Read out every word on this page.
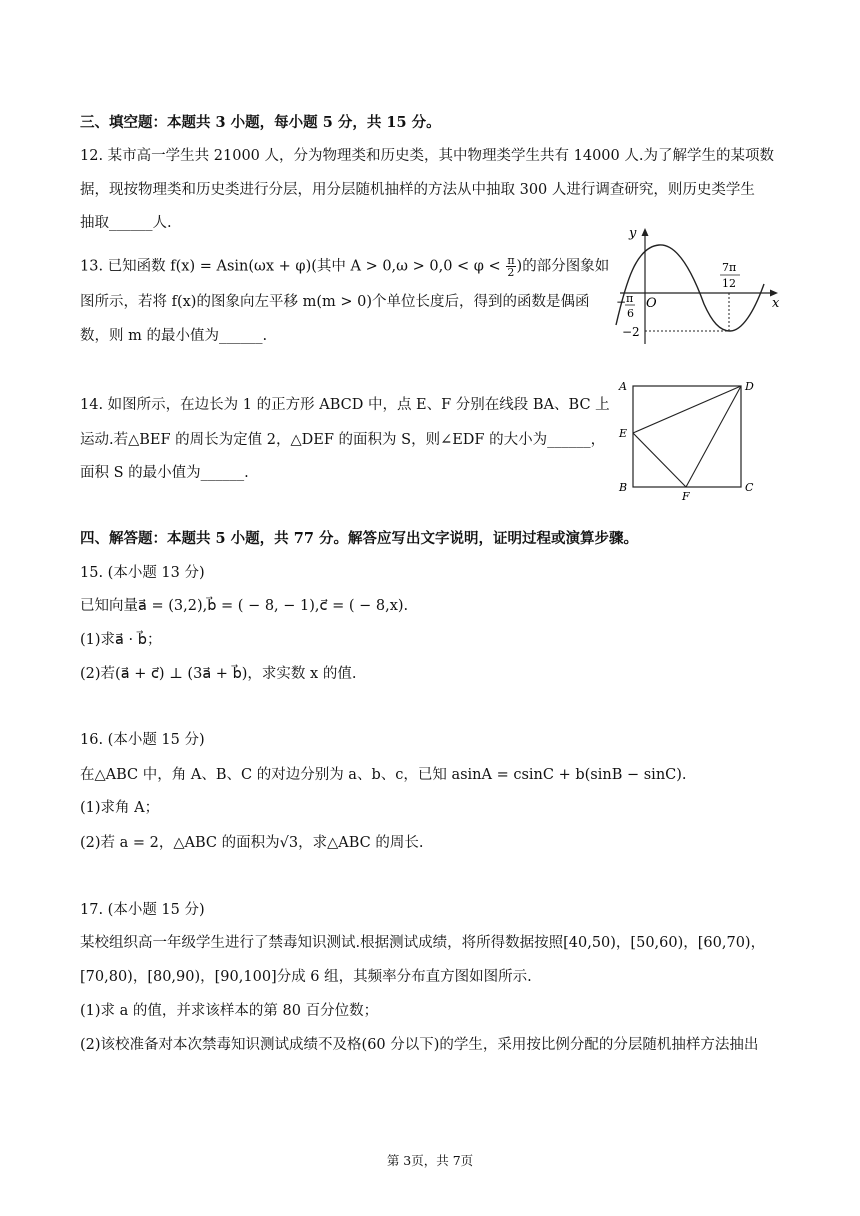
三、填空题：本题共 3 小题，每小题 5 分，共 15 分。
12. 某市高一学生共 21000 人，分为物理类和历史类，其中物理类学生共有 14000 人.为了解学生的某项数
据，现按物理类和历史类进行分层，用分层随机抽样的方法从中抽取 300 人进行调查研究，则历史类学生
抽取______人.
13. 已知函数 f(x) = Asin(ωx + φ)(其中 $A > 0,\omega > 0,0 < \varphi < \frac{\pi}{2}$ )的部分图象如
图所示，若将 f(x)的图象向左平移 m(m > 0)个单位长度后，得到的函数是偶函
数，则 m 的最小值为______.
y
x
O
− π
6
7π
12
−2
14. 如图所示，在边长为 1 的正方形 ABCD 中，点 E、F 分别在线段 BA、BC 上
运动.若△BEF 的周长为定值 2，△DEF 的面积为 S，则∠EDF 的大小为______，
面积 S 的最小值为______.
A	D
E
B	C
F
四、解答题：本题共 5 小题，共 77 分。解答应写出文字说明，证明过程或演算步骤。
15. (本小题 13 分)
已知向量a⃗ = (3,2),b⃗ = ( − 8, − 1),c⃗ = ( − 8,x).
(1)求a⃗ · b⃗；
(2)若(a⃗ + c⃗) ⊥ (3a⃗ + b⃗)，求实数 x 的值.
16. (本小题 15 分)
在△ABC 中，角 A、B、C 的对边分别为 a、b、c，已知 asinA = csinC + b(sinB − sinC).
(1)求角 A；
(2)若 a = 2，△ABC 的面积为√3，求△ABC 的周长.
17. (本小题 15 分)
某校组织高一年级学生进行了禁毒知识测试.根据测试成绩，将所得数据按照[40,50)，[50,60)，[60,70)，
[70,80)，[80,90)，[90,100]分成 6 组，其频率分布直方图如图所示.
(1)求 a 的值，并求该样本的第 80 百分位数；
(2)该校准备对本次禁毒知识测试成绩不及格(60 分以下)的学生，采用按比例分配的分层随机抽样方法抽出
第 3页，共 7页
